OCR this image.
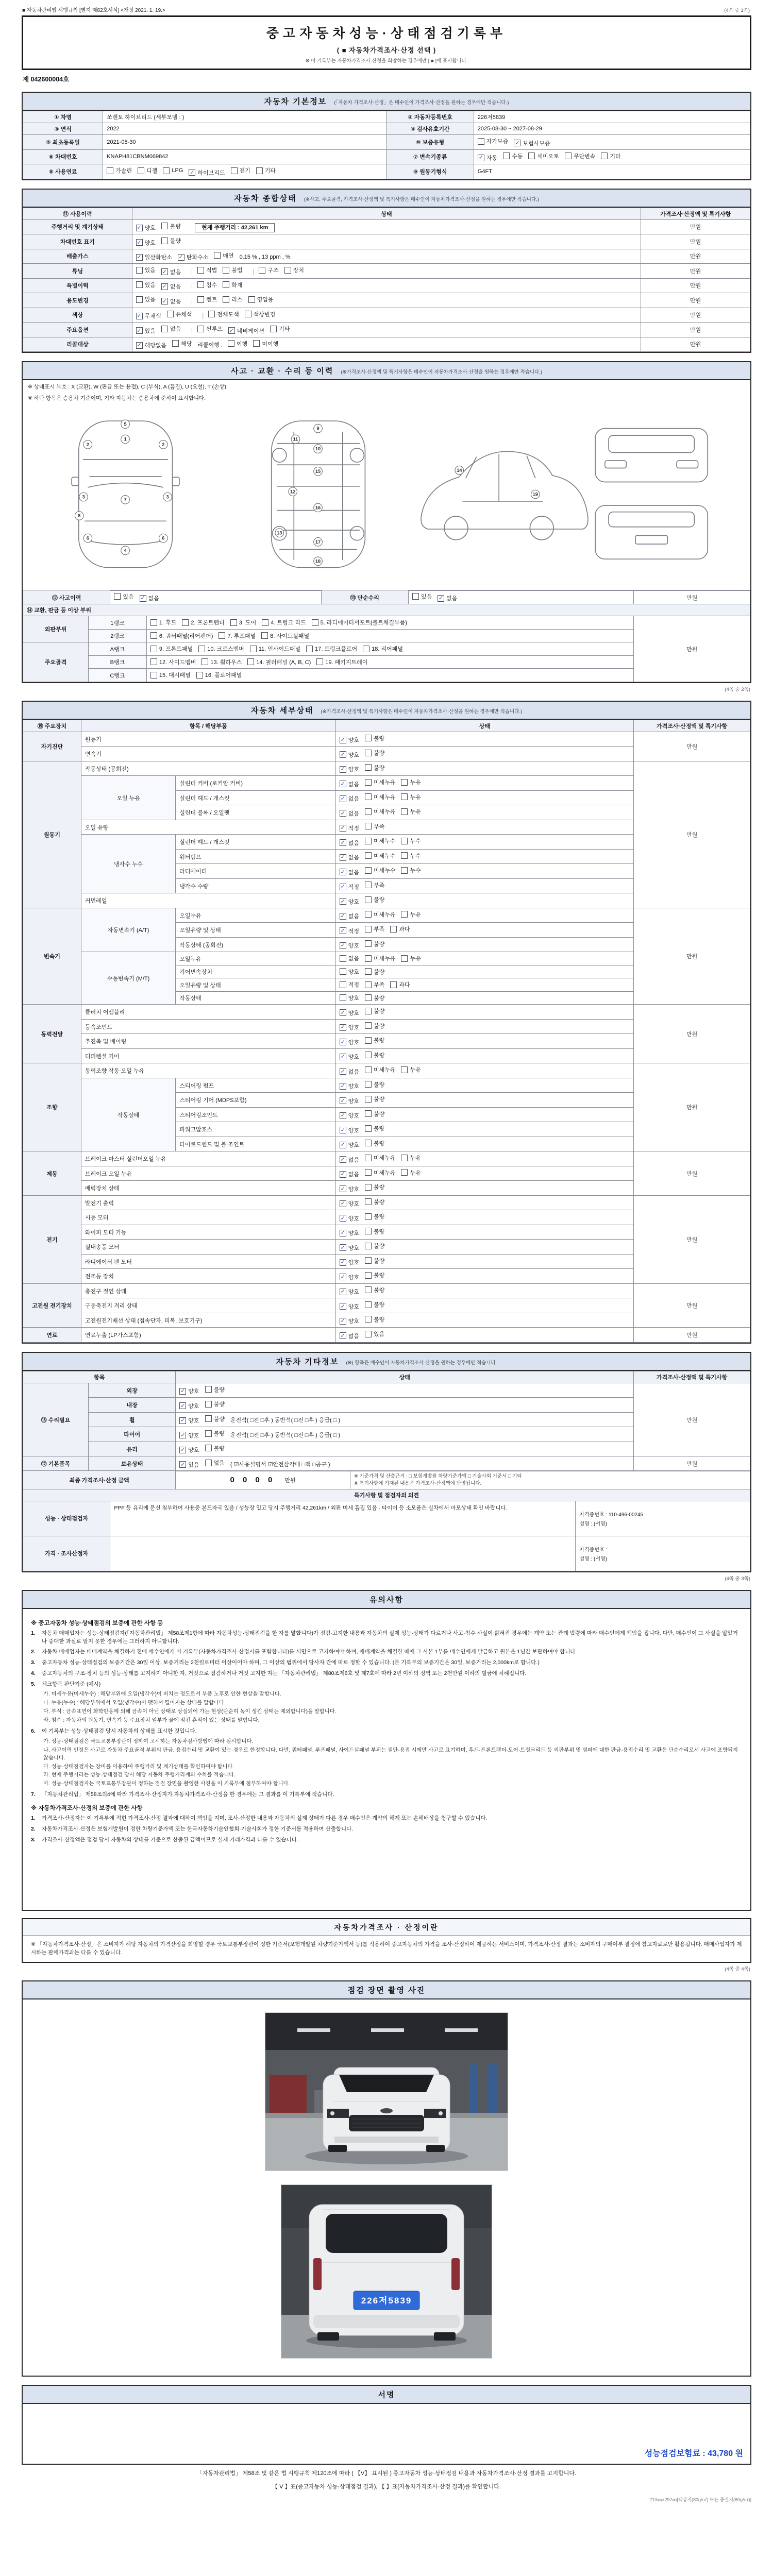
■ 자동차관리법 시행규칙 [별지 제82호서식] <개정 2021. 1. 19.>	(4쪽 중 1쪽)
중고자동차성능·상태점검기록부
( ■ 자동차가격조사·산정 선택 )
※ 이 기록부는 자동차가격조사·산정을 희망하는 경우에만 [ ■ ]에 표시합니다.
제 042600004호
자동차 기본정보 (「자동차 가격조사·산정」은 매수인이 가격조사·산정을 원하는 경우에만 적습니다.)
① 차명	쏘렌토 하이브리드 (세부모델 : )	② 자동차등록번호	226저5839
③ 연식	2022	④ 검사유효기간	2025-08-30 ~ 2027-08-29
⑤ 최초등록일	2021-08-30	⑩ 보증유형	자가보증 ✓ 보험사보증

⑥ 차대번호	KNAPH81CBNM069842	⑦ 변속기종류	✓ 자동	수동	세미오토	무단변속	기타

⑧ 사용연료	가솔린	디젤	LPG ✓ 하이브리드	전기	기타	⑨ 원동기형식	G4FT
자동차 종합상태 (※사고, 주요골격, 가격조사·산정액 및 특기사항은 매수인이 자동차가격조사·산정을 원하는 경우에만 적습니다.)
⑪ 사용이력	상태	가격조사·산정액 및 특기사항
주행거리 및 계기상태	✓ 양호 불량 현재 주행거리 : 42,261 km	만원
차대번호 표기	✓ 양호 불량	만원
배출가스	✓ 일산화탄소 ✓ 탄화수소	매연 0.15 % , 13 ppm , %	만원
튜닝	있음 ✓ 없음 | 적법	불법 | 구조	장치	만원
특별이력	있음 ✓ 없음 | 침수	화재	만원
용도변경	있음 ✓ 없음 | 렌트	리스	영업용	만원
색상	✓ 무채색	유채색 | 전체도색	색상변경	만원
주요옵션	✓ 있음	없음 | 썬루프 ✓ 네비게이션	기타	만원
리콜대상	✓ 해당없음	해당 리콜이행 : 이행	미이행	만원
사고 · 교환 · 수리 등 이력 (※가격조사·산정액 및 특기사항은 매수인이 자동차가격조사·산정을 원하는 경우에만 적습니다.)
※ 상태표시 부호 : X (교환), W (판금 또는 용접), C (부식), A (흠집), U (요철), T (손상)
※ 하단 항목은 승용차 기준이며, 기타 자동차는 승용차에 준하여 표시합니다.
5
1
2	2
3	3
7
8
6	6
4
9
11
10
12
15
16
13
17
18
14
19
⑫ 사고이력	있음 ✓ 없음	⑬ 단순수리	있음 ✓ 없음	만원
⑭ 교환, 판금 등 이상 부위			
외판부위	1랭크	1. 후드 2. 프론트펜더 3. 도어 4. 트렁크 리드 5. 라디에이터서포트(볼트체결부품)	만원
	2랭크	6. 쿼터패널(리어펜더) 7. 루프패널 8. 사이드실패널	

주요골격	A랭크	9. 프론트패널 10. 크로스멤버 11. 인사이드패널 17. 트렁크플로어 18. 리어패널	

	B랭크	12. 사이드멤버 13. 휠하우스 14. 필러패널 (A, B, C) 19. 패키지트레이	

	C랭크	15. 대시패널 16. 플로어패널	
(4쪽 중 2쪽)
자동차 세부상태 (※가격조사·산정액 및 특기사항은 매수인이 자동차가격조사·산정을 원하는 경우에만 적습니다.)
⑮ 주요장치	항목 / 해당부품		상태	가격조사·산정액 및 특기사항
자기진단	원동기		✓ 양호 불량	만원
	변속기		✓ 양호 불량	

원동기	작동상태 (공회전)		✓ 양호 불량	만원
	오일 누유	실린더 커버 (로커암 커버)	✓ 없음 미세누유 누유	

		실린더 헤드 / 개스킷	✓ 없음 미세누유 누유	

		실린더 블록 / 오일팬	✓ 없음 미세누유 누유	

	오일 유량		✓ 적정 부족	

	냉각수 누수	실린더 헤드 / 개스킷	✓ 없음 미세누수 누수	

		워터펌프	✓ 없음 미세누수 누수	

		라디에이터	✓ 없음 미세누수 누수	

		냉각수 수량	✓ 적정 부족	

	커먼레일		✓ 양호 불량	

변속기	자동변속기 (A/T)	오일누유	✓ 없음 미세누유 누유	만원
		오일유량 및 상태	✓ 적정 부족 과다	

		작동상태 (공회전)	✓ 양호 불량	

	수동변속기 (M/T)	오일누유	없음 미세누유 누유	

		기어변속장치	양호 불량	

		오일유량 및 상태	적정 부족 과다	

		작동상태	양호 불량	

동력전달	클러치 어셈블리		✓ 양호 불량	만원
	등속조인트		✓ 양호 불량	

	추진축 및 베어링		✓ 양호 불량	

	디퍼렌셜 기어		✓ 양호 불량	

조향	동력조향 작동 오일 누유		✓ 없음 미세누유 누유	만원
	작동상태	스티어링 펌프	✓ 양호 불량	

		스티어링 기어 (MDPS포함)	✓ 양호 불량	

		스티어링조인트	✓ 양호 불량	

		파워고압호스	✓ 양호 불량	

		타이로드엔드 및 볼 조인트	✓ 양호 불량	

제동	브레이크 마스터 실린더오일 누유		✓ 없음 미세누유 누유	만원
	브레이크 오일 누유		✓ 없음 미세누유 누유	

	배력장치 상태		✓ 양호 불량	

전기	발전기 출력		✓ 양호 불량	만원
	시동 모터		✓ 양호 불량	

	와이퍼 모터 기능		✓ 양호 불량	

	실내송풍 모터		✓ 양호 불량	

	라디에이터 팬 모터		✓ 양호 불량	

	전조등 장치		✓ 양호 불량	

고전원 전기장치	충전구 절연 상태		✓ 양호 불량	만원
	구동축전지 격리 상태		✓ 양호 불량	

	고전원전기배선 상태 (접속단자, 피복, 보호기구)		✓ 양호 불량	

연료	연료누출 (LP가스포함)		✓ 없음 있음	만원
자동차 기타정보 (※) 항목은 매수인이 자동차가격조사·산정을 원하는 경우에만 적습니다.
항목		상태	가격조사·산정액 및 특기사항
⑯ 수리필요	외장	✓ 양호 불량	만원
	내장	✓ 양호 불량	

	휠	✓ 양호 불량 운전석( □전 □후 ) 동반석( □전 □후 ) 응급( □ )	
	타이어	✓ 양호 불량 운전석( □전 □후 ) 동반석( □전 □후 ) 응급( □ )	
	유리	✓ 양호 불량	

⑰ 기본품목	보유상태	✓ 있음 없음 ( ☑사용설명서 ☑안전삼각대 □잭 □공구 )	만원
최종 가격조사·산정 금액	0 0 0 0 만원	
※ 기준가격 및 산출근거 : □ 보험개발원 차량기준가액 □ 기술사회 기준서 □ 기타
※ 특기사항에 기재된 내용은 가격조사·산정액에 반영됩니다.
특기사항 및 점검자의 의견		
성능 · 상태점검자	PPF 등 유리에 문신 첨부하여 사용중 본드자국 있음 / 성능장 입고 당시 주행거리 42,261km / 외판 미세 흠집 있음 · 타이어 등 소모품은 실차에서 마모상태 확인 바랍니다.	자격증번호 : 110-496-00245
성명 : (서명)

가격 · 조사산정자		자격증번호 :
성명 : (서명)
(4쪽 중 3쪽)
유의사항
※ 중고자동차 성능·상태점검의 보증에 관한 사항 등
1.	자동차 매매업자는 성능·상태점검자(「자동차관리법」 제58조제1항에 따라 자동차성능·상태점검을 한 자를 말합니다)가 점검·고지한 내용과 자동차의 실제 성능·상태가 다르거나 사고·침수 사실이 밝혀진 경우에는 계약 또는 관계 법령에 따라 매수인에게 책임을 집니다. 다만, 매수인이 그 사실을 알았거나 중대한 과실로 알지 못한 경우에는 그러하지 아니합니다.
2.	자동차 매매업자는 매매계약을 체결하기 전에 매수인에게 이 기록부(자동차가격조사·산정서를 포함합니다)를 서면으로 고지하여야 하며, 매매계약을 체결한 때에 그 사본 1부를 매수인에게 발급하고 원본은 1년간 보관하여야 합니다.
3.	중고자동차 성능·상태점검의 보증기간은 30일 이상, 보증거리는 2천킬로미터 이상이어야 하며, 그 이상의 범위에서 당사자 간에 따로 정할 수 있습니다. (본 기록부의 보증기간은 30일, 보증거리는 2,000km로 합니다.)
4.	중고자동차의 구조·장치 등의 성능·상태를 고지하지 아니한 자, 거짓으로 점검하거나 거짓 고지한 자는 「자동차관리법」 제80조제6호 및 제7호에 따라 2년 이하의 징역 또는 2천만원 이하의 벌금에 처해집니다.
5.	체크항목 판단기준 (예시)
가. 미세누유(미세누수) : 해당부위에 오일(냉각수)이 비치는 정도로서 부품 노후로 인한 현상을 말합니다.
나. 누유(누수) : 해당부위에서 오일(냉각수)이 맺혀서 떨어지는 상태를 말합니다.
다. 부식 : 금속표면이 화학반응에 의해 금속이 아닌 상태로 상실되어 가는 현상(단순히 녹이 생긴 상태는 제외합니다)을 말합니다.
라. 침수 : 자동차의 원동기, 변속기 등 주요장치 일부가 물에 잠긴 흔적이 있는 상태를 말합니다.
6.	이 기록부는 성능·상태점검 당시 자동차의 상태를 표시한 것입니다.
가. 성능·상태점검은 국토교통부장관이 정하여 고시하는 자동차검사방법에 따라 실시합니다.
나. 사고이력 인정은 사고로 자동차 주요골격 부위의 판금, 용접수리 및 교환이 있는 경우로 한정합니다. 다만, 쿼터패널, 루프패널, 사이드실패널 부위는 절단·용접 시에만 사고로 표기하며, 후드·프론트펜더·도어·트렁크리드 등 외판부위 및 범퍼에 대한 판금·용접수리 및 교환은 단순수리로서 사고에 포함되지 않습니다.
다. 성능·상태점검자는 장비를 이용하여 주행거리 및 계기상태를 확인하여야 합니다.
라. 현재 주행거리는 성능·상태점검 당시 해당 자동차 주행거리계의 수치를 적습니다.
마. 성능·상태점검자는 국토교통부장관이 정하는 점검 장면을 촬영한 사진을 이 기록부에 첨부하여야 합니다.
7.	「자동차관리법」 제58조의4에 따라 가격조사·산정자가 자동차가격조사·산정을 한 경우에는 그 결과를 이 기록부에 적습니다.
※ 자동차가격조사·산정의 보증에 관한 사항
1.	가격조사·산정자는 이 기록부에 적힌 가격조사·산정 결과에 대하여 책임을 지며, 조사·산정한 내용과 자동차의 실제 상태가 다른 경우 매수인은 계약의 해제 또는 손해배상을 청구할 수 있습니다.
2.	자동차가격조사·산정은 보험개발원이 정한 차량기준가액 또는 한국자동차기술인협회·기술사회가 정한 기준서를 적용하여 산출합니다.
3.	가격조사·산정액은 점검 당시 자동차의 상태를 기준으로 산출된 금액이므로 실제 거래가격과 다를 수 있습니다.
자동차가격조사 · 산정이란
※ 「자동차가격조사·산정」은 소비자가 해당 자동차의 가격산정을 희망할 경우 국토교통부장관이 정한 기준서(보험개발원 차량기준가액서 등)를 적용하여 중고자동차의 가격을 조사·산정하여 제공하는 서비스이며, 가격조사·산정 결과는 소비자의 구매여부 결정에 참고자료로만 활용됩니다. 매매사업자가 제시하는 판매가격과는 다를 수 있습니다.
(4쪽 중 4쪽)
점검 장면 촬영 사진
226저5839
서명
성능점검보험료 : 43,780 원
「자동차관리법」 제58조 및 같은 법 시행규칙 제120조에 따라 ( 【V】 표시된 ) 중고자동차 성능·상태점검 내용과 자동차가격조사·산정 결과를 고지합니다.
【 V 】표(중고자동차 성능·상태점검 결과), 【 】표(자동차가격조사·산정 결과)를 확인합니다.
210㎜×297㎜[백상지(80g/㎡) 또는 중질지(80g/㎡)]
